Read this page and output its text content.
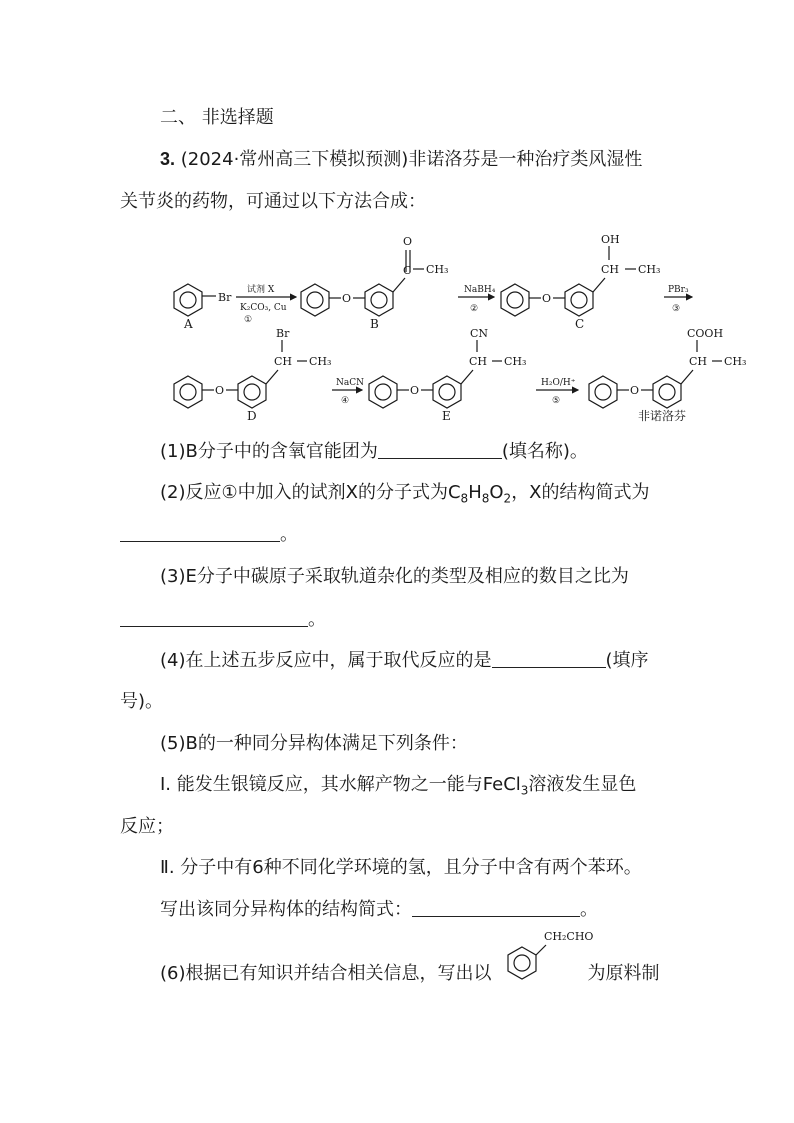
二、 非选择题
3. (2024·常州高三下模拟预测)非诺洛芬是一种治疗类风湿性
关节炎的药物，可通过以下方法合成：
Br
A
试剂 X
K₂CO₃, Cu
①
O
O
C CH₃
B
NaBH₄
②
O
OH
CH CH₃
C
PBr₃
③
O
Br
CH CH₃
D
NaCN
④
O
CN
CH CH₃
E
H₂O/H⁺
⑤
O
COOH
CH CH₃
非诺洛芬
(1)B分子中的含氧官能团为	(填名称)。
(2)反应①中加入的试剂X的分子式为$C_8H_8O_2$，X的结构简式为
。
(3)E分子中碳原子采取轨道杂化的类型及相应的数目之比为
。
(4)在上述五步反应中，属于取代反应的是	(填序
号)。
(5)B的一种同分异构体满足下列条件：
Ⅰ. 能发生银镜反应，其水解产物之一能与FeCl$_3$溶液发生显色
反应；
Ⅱ. 分子中有6种不同化学环境的氢，且分子中含有两个苯环。
写出该同分异构体的结构简式：	。
(6)根据已有知识并结合相关信息，写出以	为原料制
CH₂CHO
